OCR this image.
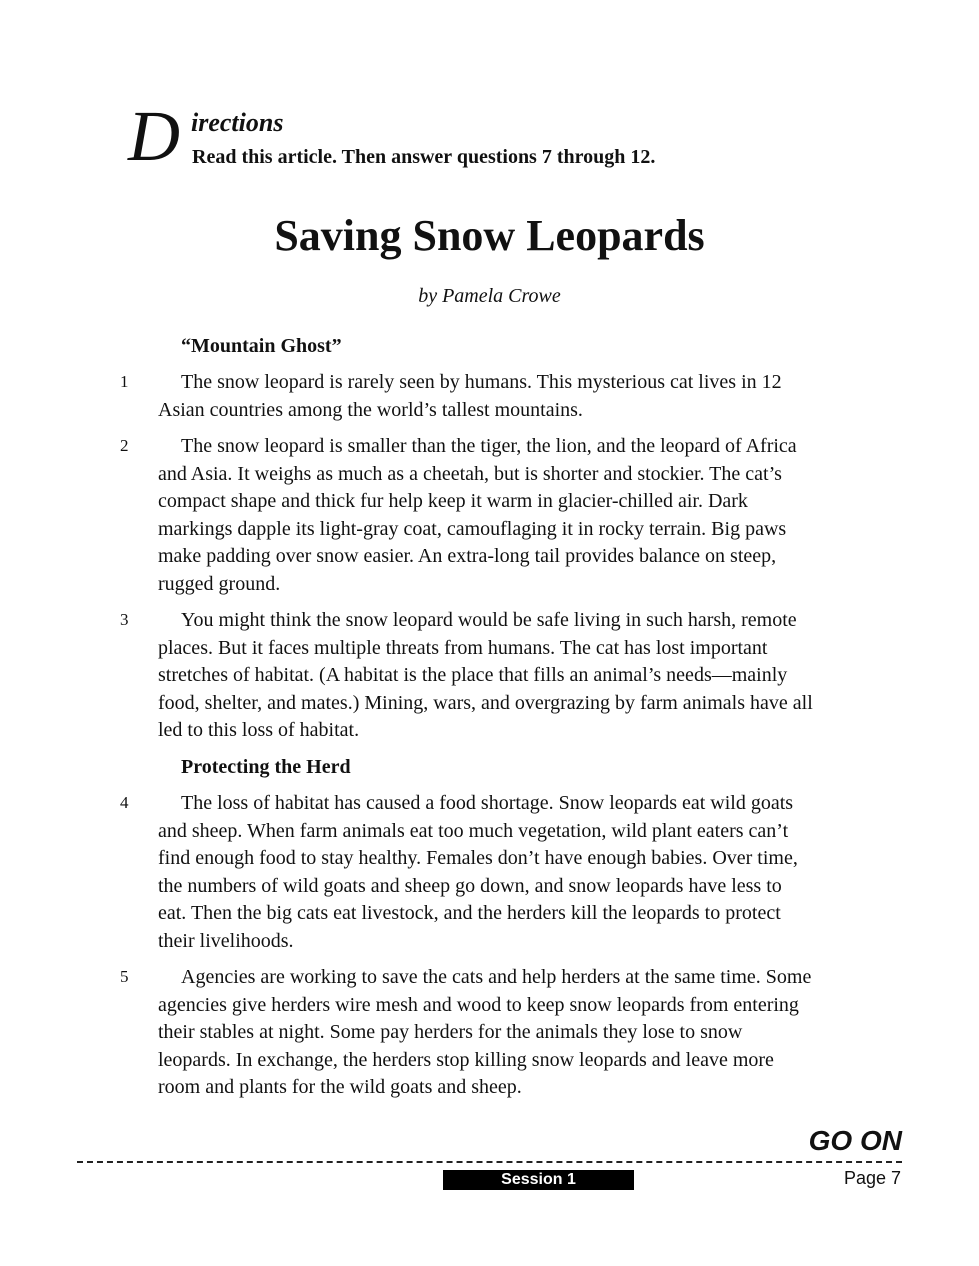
D irections
Read this article. Then answer questions 7 through 12.
Saving Snow Leopards
by Pamela Crowe
“Mountain Ghost”
1	The snow leopard is rarely seen by humans. This mysterious cat lives in 12
Asian countries among the world’s tallest mountains.
2	The snow leopard is smaller than the tiger, the lion, and the leopard of Africa
and Asia. It weighs as much as a cheetah, but is shorter and stockier. The cat’s
compact shape and thick fur help keep it warm in glacier-chilled air. Dark
markings dapple its light-gray coat, camouflaging it in rocky terrain. Big paws
make padding over snow easier. An extra-long tail provides balance on steep,
rugged ground.
3	You might think the snow leopard would be safe living in such harsh, remote
places. But it faces multiple threats from humans. The cat has lost important
stretches of habitat. (A habitat is the place that fills an animal’s needs—mainly
food, shelter, and mates.) Mining, wars, and overgrazing by farm animals have all
led to this loss of habitat.
Protecting the Herd
4	The loss of habitat has caused a food shortage. Snow leopards eat wild goats
and sheep. When farm animals eat too much vegetation, wild plant eaters can’t
find enough food to stay healthy. Females don’t have enough babies. Over time,
the numbers of wild goats and sheep go down, and snow leopards have less to
eat. Then the big cats eat livestock, and the herders kill the leopards to protect
their livelihoods.
5	Agencies are working to save the cats and help herders at the same time. Some
agencies give herders wire mesh and wood to keep snow leopards from entering
their stables at night. Some pay herders for the animals they lose to snow
leopards. In exchange, the herders stop killing snow leopards and leave more
room and plants for the wild goats and sheep.
GO ON
Session 1	Page 7
